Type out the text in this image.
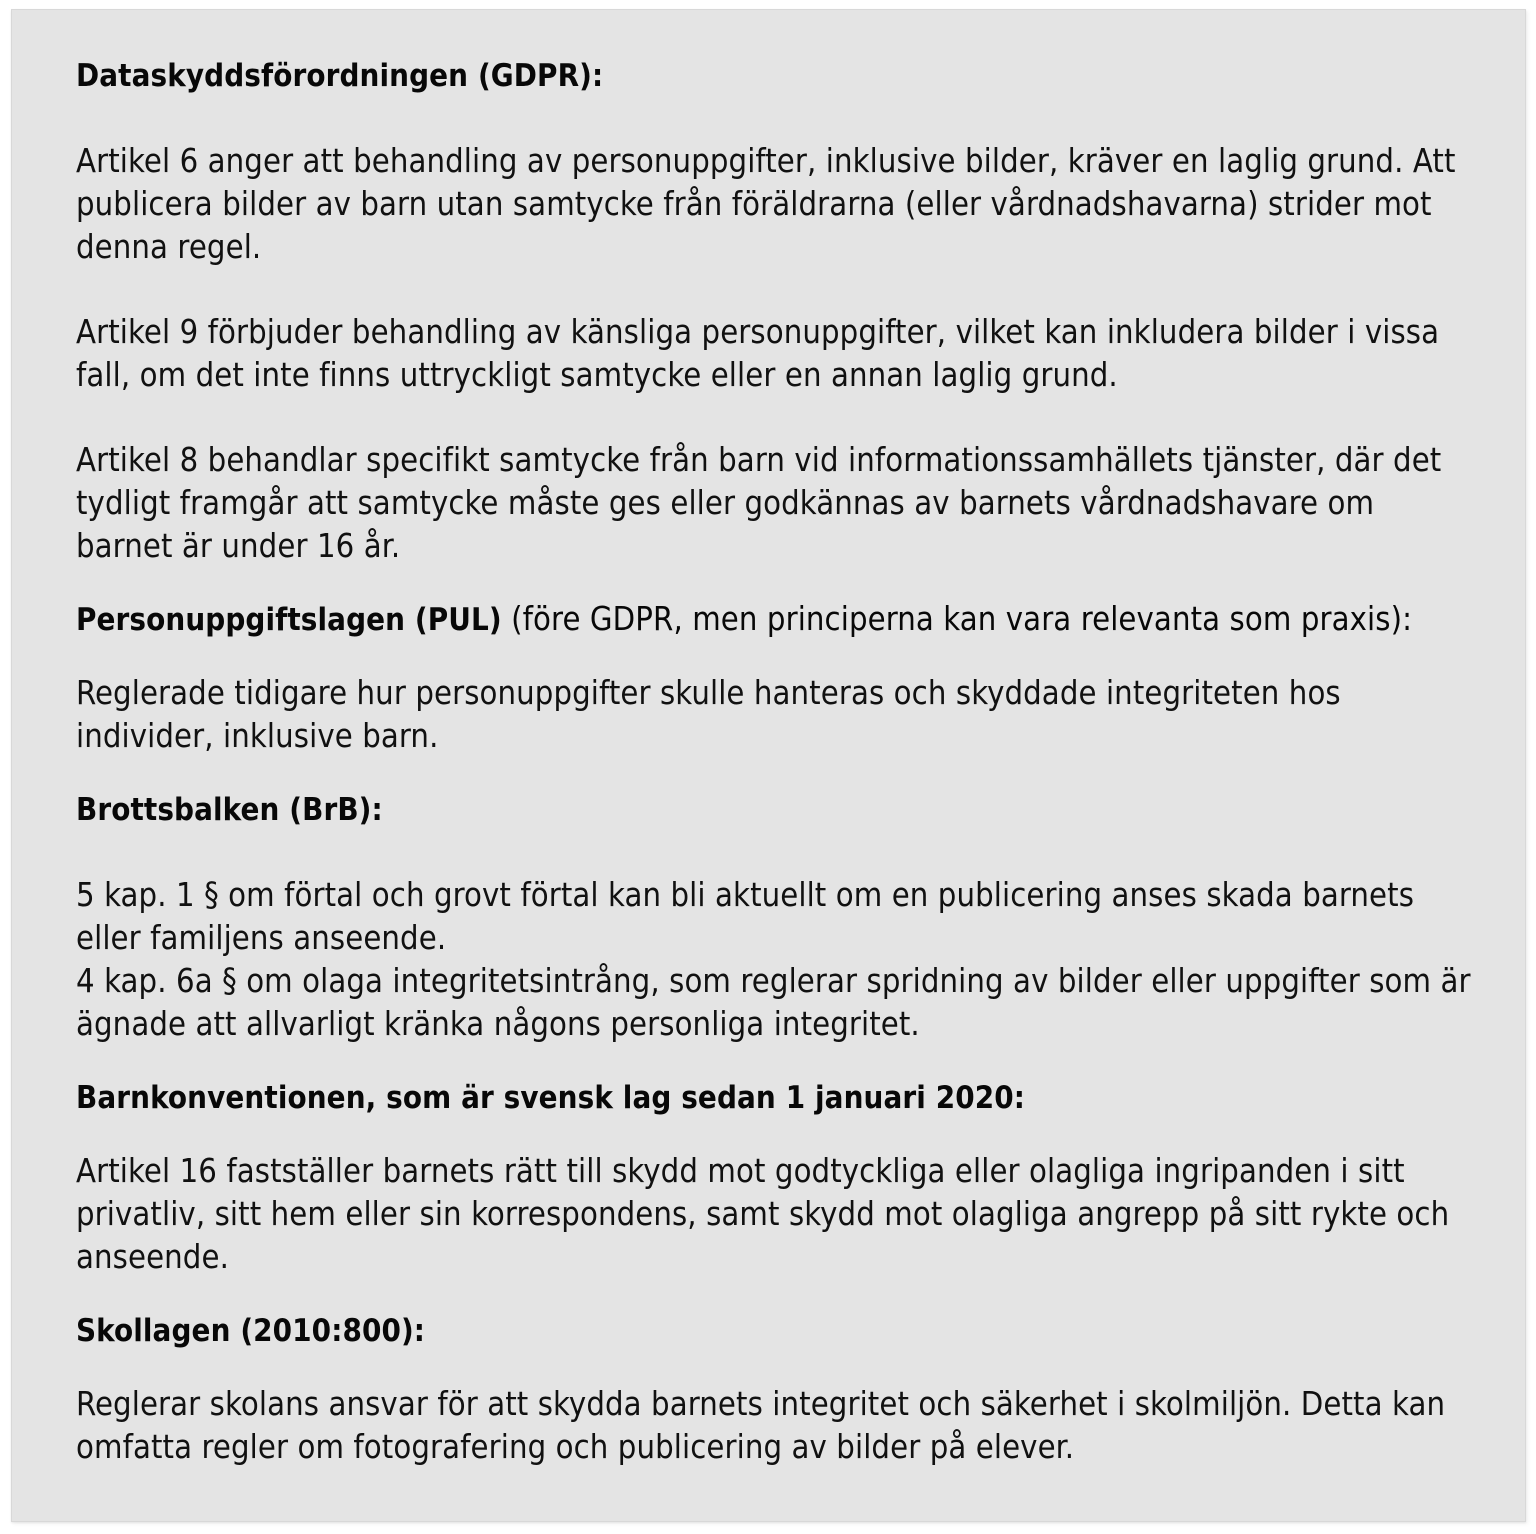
Dataskyddsförordningen (GDPR):

Artikel 6 anger att behandling av personuppgifter, inklusive bilder, kräver en laglig grund. Att publicera bilder av barn utan samtycke från föräldrarna (eller vårdnadshavarna) strider mot denna regel.

Artikel 9 förbjuder behandling av känsliga personuppgifter, vilket kan inkludera bilder i vissa fall, om det inte finns uttryckligt samtycke eller en annan laglig grund.

Artikel 8 behandlar specifikt samtycke från barn vid informationssamhällets tjänster, där det tydligt framgår att samtycke måste ges eller godkännas av barnets vårdnadshavare om barnet är under 16 år.

Personuppgiftslagen (PUL) (före GDPR, men principerna kan vara relevanta som praxis):

Reglerade tidigare hur personuppgifter skulle hanteras och skyddade integriteten hos individer, inklusive barn.

Brottsbalken (BrB):

5 kap. 1 § om förtal och grovt förtal kan bli aktuellt om en publicering anses skada barnets eller familjens anseende.

4 kap. 6a § om olaga integritetsintrång, som reglerar spridning av bilder eller uppgifter som är ägnade att allvarligt kränka någons personliga integritet.

Barnkonventionen, som är svensk lag sedan 1 januari 2020:

Artikel 16 fastställer barnets rätt till skydd mot godtyckliga eller olagliga ingripanden i sitt privatliv, sitt hem eller sin korrespondens, samt skydd mot olagliga angrepp på sitt rykte och anseende.

Skollagen (2010:800):

Reglerar skolans ansvar för att skydda barnets integritet och säkerhet i skolmiljön. Detta kan omfatta regler om fotografering och publicering av bilder på elever.
